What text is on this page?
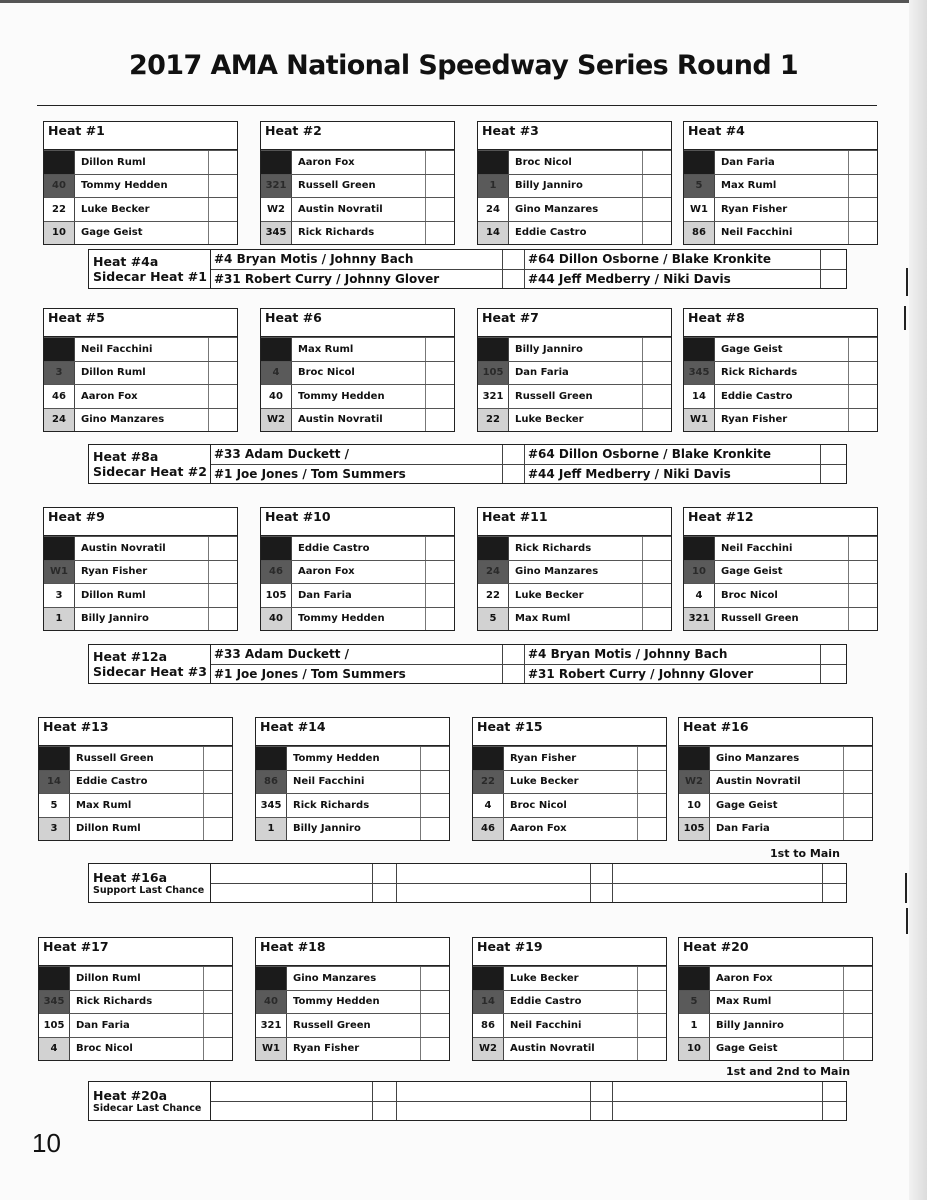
2017 AMA National Speedway Series Round 1
Heat #1
Dillon Ruml
40	Tommy Hedden
22	Luke Becker
10	Gage Geist
Heat #2
Aaron Fox
321	Russell Green
W2	Austin Novratil
345	Rick Richards
Heat #3
Broc Nicol
1	Billy Janniro
24	Gino Manzares
14	Eddie Castro
Heat #4
Dan Faria
5	Max Ruml
W1	Ryan Fisher
86	Neil Facchini
Heat #5
Neil Facchini
3	Dillon Ruml
46	Aaron Fox
24	Gino Manzares
Heat #6
Max Ruml
4	Broc Nicol
40	Tommy Hedden
W2	Austin Novratil
Heat #7
Billy Janniro
105	Dan Faria
321	Russell Green
22	Luke Becker
Heat #8
Gage Geist
345	Rick Richards
14	Eddie Castro
W1	Ryan Fisher
Heat #9
Austin Novratil
W1	Ryan Fisher
3	Dillon Ruml
1	Billy Janniro
Heat #10
Eddie Castro
46	Aaron Fox
105	Dan Faria
40	Tommy Hedden
Heat #11
Rick Richards
24	Gino Manzares
22	Luke Becker
5	Max Ruml
Heat #12
Neil Facchini
10	Gage Geist
4	Broc Nicol
321	Russell Green
Heat #13
Russell Green
14	Eddie Castro
5	Max Ruml
3	Dillon Ruml
Heat #14
Tommy Hedden
86	Neil Facchini
345	Rick Richards
1	Billy Janniro
Heat #15
Ryan Fisher
22	Luke Becker
4	Broc Nicol
46	Aaron Fox
Heat #16
Gino Manzares
W2	Austin Novratil
10	Gage Geist
105	Dan Faria
Heat #17
Dillon Ruml
345	Rick Richards
105	Dan Faria
4	Broc Nicol
Heat #18
Gino Manzares
40	Tommy Hedden
321	Russell Green
W1	Ryan Fisher
Heat #19
Luke Becker
14	Eddie Castro
86	Neil Facchini
W2	Austin Novratil
Heat #20
Aaron Fox
5	Max Ruml
1	Billy Janniro
10	Gage Geist
Heat #4a
Sidecar Heat #1
#4 Bryan Motis / Johnny Bach	#64 Dillon Osborne / Blake Kronkite
#31 Robert Curry / Johnny Glover	#44 Jeff Medberry / Niki Davis
Heat #8a
Sidecar Heat #2
#33 Adam Duckett /	#64 Dillon Osborne / Blake Kronkite
#1 Joe Jones / Tom Summers	#44 Jeff Medberry / Niki Davis
Heat #12a
Sidecar Heat #3
#33 Adam Duckett /	#4 Bryan Motis / Johnny Bach
#1 Joe Jones / Tom Summers	#31 Robert Curry / Johnny Glover
1st to Main
Heat #16a
Support Last Chance
1st and 2nd to Main
Heat #20a
Sidecar Last Chance
10
